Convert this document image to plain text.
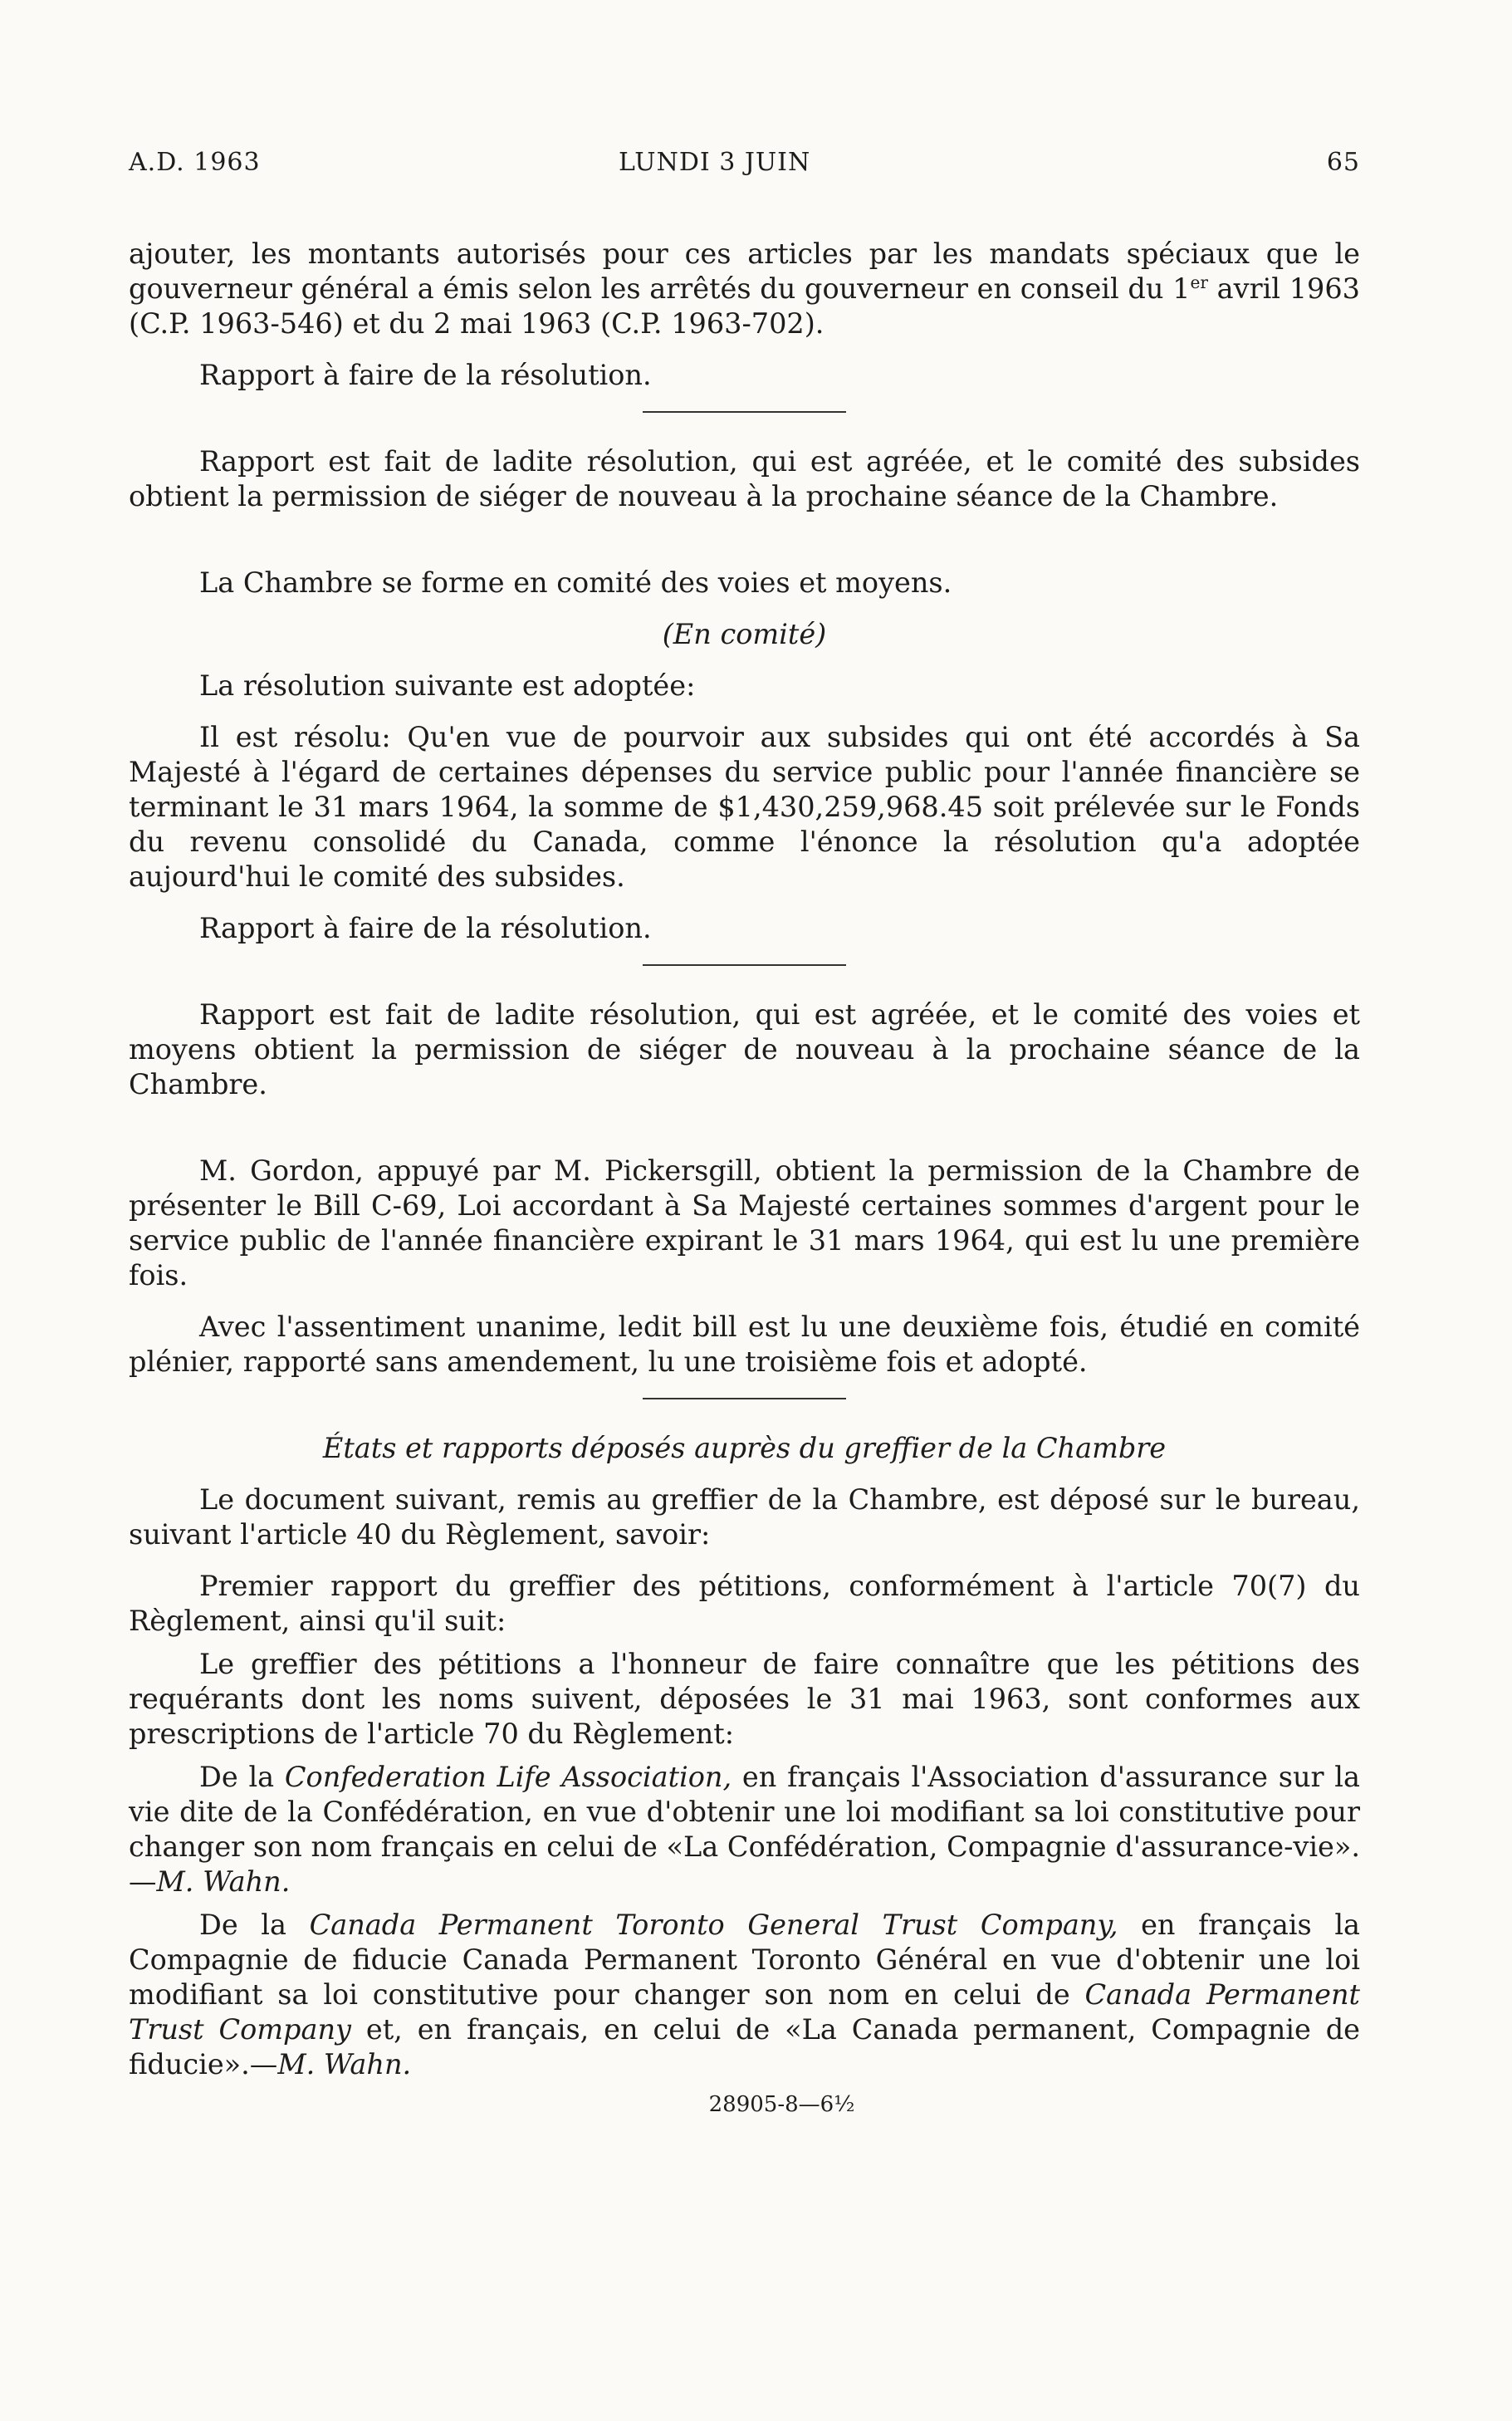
A.D. 1963	LUNDI 3 JUIN	65

ajouter, les montants autorisés pour ces articles par les mandats spéciaux que le gouverneur général a émis selon les arrêtés du gouverneur en conseil du 1er avril 1963 (C.P. 1963-546) et du 2 mai 1963 (C.P. 1963-702).

Rapport à faire de la résolution.

Rapport est fait de ladite résolution, qui est agréée, et le comité des subsides obtient la permission de siéger de nouveau à la prochaine séance de la Chambre.

La Chambre se forme en comité des voies et moyens.

(En comité)

La résolution suivante est adoptée:

Il est résolu: Qu'en vue de pourvoir aux subsides qui ont été accordés à Sa Majesté à l'égard de certaines dépenses du service public pour l'année financière se terminant le 31 mars 1964, la somme de $1,430,259,968.45 soit prélevée sur le Fonds du revenu consolidé du Canada, comme l'énonce la résolution qu'a adoptée aujourd'hui le comité des subsides.

Rapport à faire de la résolution.

Rapport est fait de ladite résolution, qui est agréée, et le comité des voies et moyens obtient la permission de siéger de nouveau à la prochaine séance de la Chambre.

M. Gordon, appuyé par M. Pickersgill, obtient la permission de la Chambre de présenter le Bill C-69, Loi accordant à Sa Majesté certaines sommes d'argent pour le service public de l'année financière expirant le 31 mars 1964, qui est lu une première fois.

Avec l'assentiment unanime, ledit bill est lu une deuxième fois, étudié en comité plénier, rapporté sans amendement, lu une troisième fois et adopté.

États et rapports déposés auprès du greffier de la Chambre

Le document suivant, remis au greffier de la Chambre, est déposé sur le bureau, suivant l'article 40 du Règlement, savoir:

Premier rapport du greffier des pétitions, conformément à l'article 70(7) du Règlement, ainsi qu'il suit:

Le greffier des pétitions a l'honneur de faire connaître que les pétitions des requérants dont les noms suivent, déposées le 31 mai 1963, sont conformes aux prescriptions de l'article 70 du Règlement:

De la Confederation Life Association, en français l'Association d'assurance sur la vie dite de la Confédération, en vue d'obtenir une loi modifiant sa loi constitutive pour changer son nom français en celui de «La Confédération, Compagnie d'assurance-vie».—M. Wahn.

De la Canada Permanent Toronto General Trust Company, en français la Compagnie de fiducie Canada Permanent Toronto Général en vue d'obtenir une loi modifiant sa loi constitutive pour changer son nom en celui de Canada Permanent Trust Company et, en français, en celui de «La Canada permanent, Compagnie de fiducie».—M. Wahn.

28905-8—6½
